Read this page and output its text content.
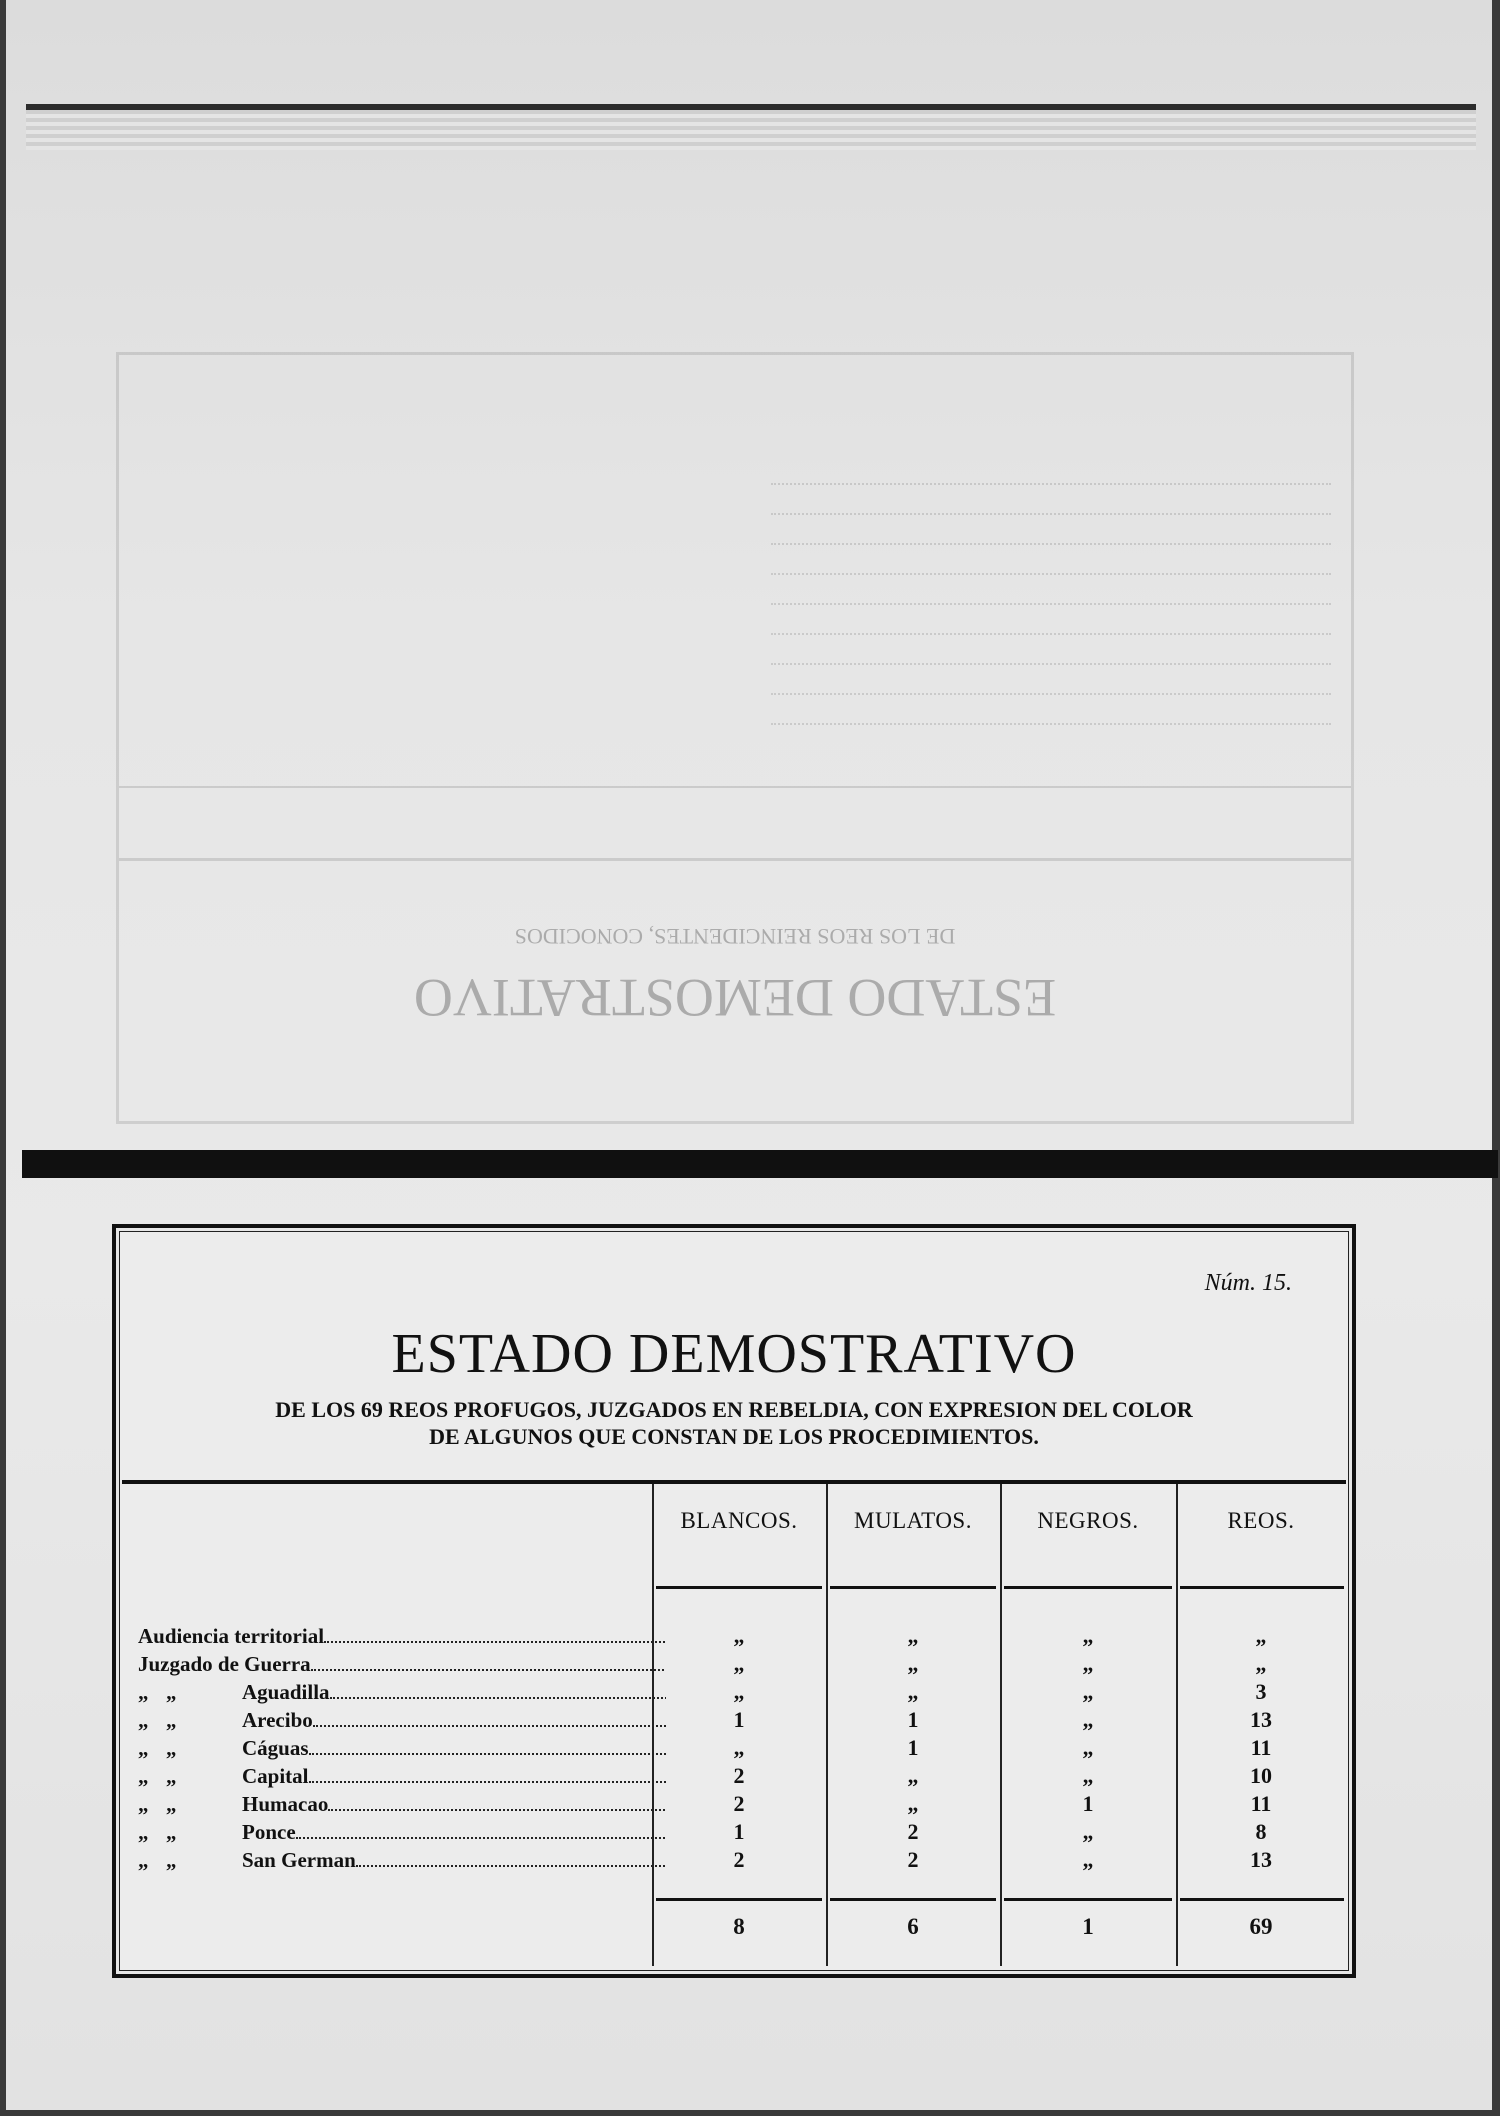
ESTADO DEMOSTRATIVO
DE LOS REOS REINCIDENTES, CONOCIDOS
Núm. 15.
ESTADO DEMOSTRATIVO
DE LOS 69 REOS PROFUGOS, JUZGADOS EN REBELDIA, CON EXPRESION DEL COLOR
DE ALGUNOS QUE CONSTAN DE LOS PROCEDIMIENTOS.
BLANCOS.	MULATOS.	NEGROS.	REOS.
Audiencia territorial	„	„	„	„
Juzgado de Guerra	„	„	„	„
„ „	Aguadilla	„	„	„	3
„ „	Arecibo	1	1	„	13
„ „	Cáguas	„	1	„	11
„ „	Capital	2	„	„	10
„ „	Humacao	2	„	1	11
„ „	Ponce	1	2	„	8
„ „	San German	2	2	„	13
8	6	1	69
